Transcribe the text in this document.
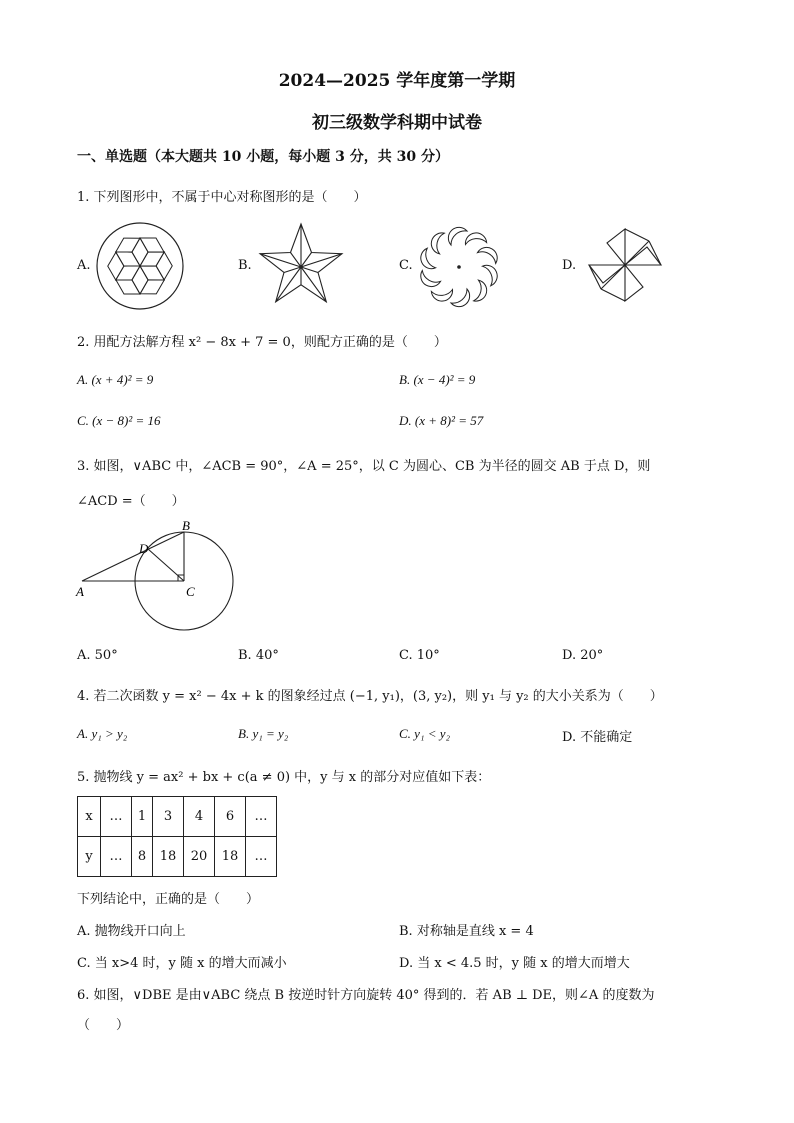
2024—2025 学年度第一学期
初三级数学科期中试卷
一、单选题（本大题共 10 小题，每小题 3 分，共 30 分）
1. 下列图形中，不属于中心对称图形的是（　　）
A.	B.	C.	D.
2. 用配方法解方程 x² − 8x + 7 = 0，则配方正确的是（　　）
A. (x + 4)² = 9	B. (x − 4)² = 9
C. (x − 8)² = 16	D. (x + 8)² = 57
3. 如图，∨ABC 中，∠ACB = 90°，∠A = 25°，以 C 为圆心、CB 为半径的圆交 AB 于点 D，则
∠ACD =（　　）
A
B
C
D
A. 50°	B. 40°	C. 10°	D. 20°
4. 若二次函数 y = x² − 4x + k 的图象经过点 (−1, y₁)，(3, y₂)，则 y₁ 与 y₂ 的大小关系为（　　）
A. y₁ > y₂	B. y₁ = y₂	C. y₁ < y₂	D. 不能确定
5. 抛物线 y = ax² + bx + c(a ≠ 0) 中，y 与 x 的部分对应值如下表：
x	…	1	3	4	6	…
y	…	8	18	20	18	…
下列结论中，正确的是（　　）
A. 抛物线开口向上	B. 对称轴是直线 x = 4
C. 当 x>4 时，y 随 x 的增大而减小	D. 当 x < 4.5 时，y 随 x 的增大而增大
6. 如图，∨DBE 是由∨ABC 绕点 B 按逆时针方向旋转 40° 得到的．若 AB ⊥ DE，则∠A 的度数为
（　　）
